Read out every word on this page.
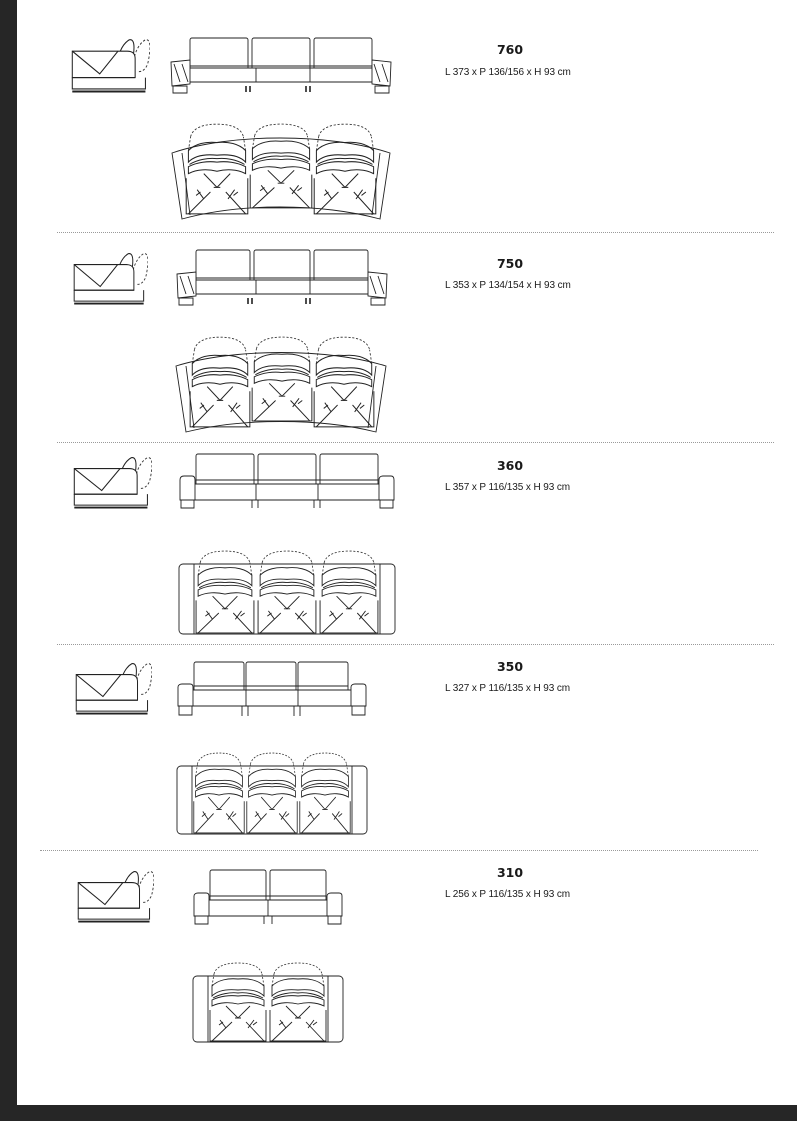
760
L 373 x P 136/156 x H 93 cm
750
L 353 x P 134/154 x H 93 cm
360
L 357 x P 116/135 x H 93 cm
350
L 327 x P 116/135 x H 93 cm
310
L 256 x P 116/135 x H 93 cm
